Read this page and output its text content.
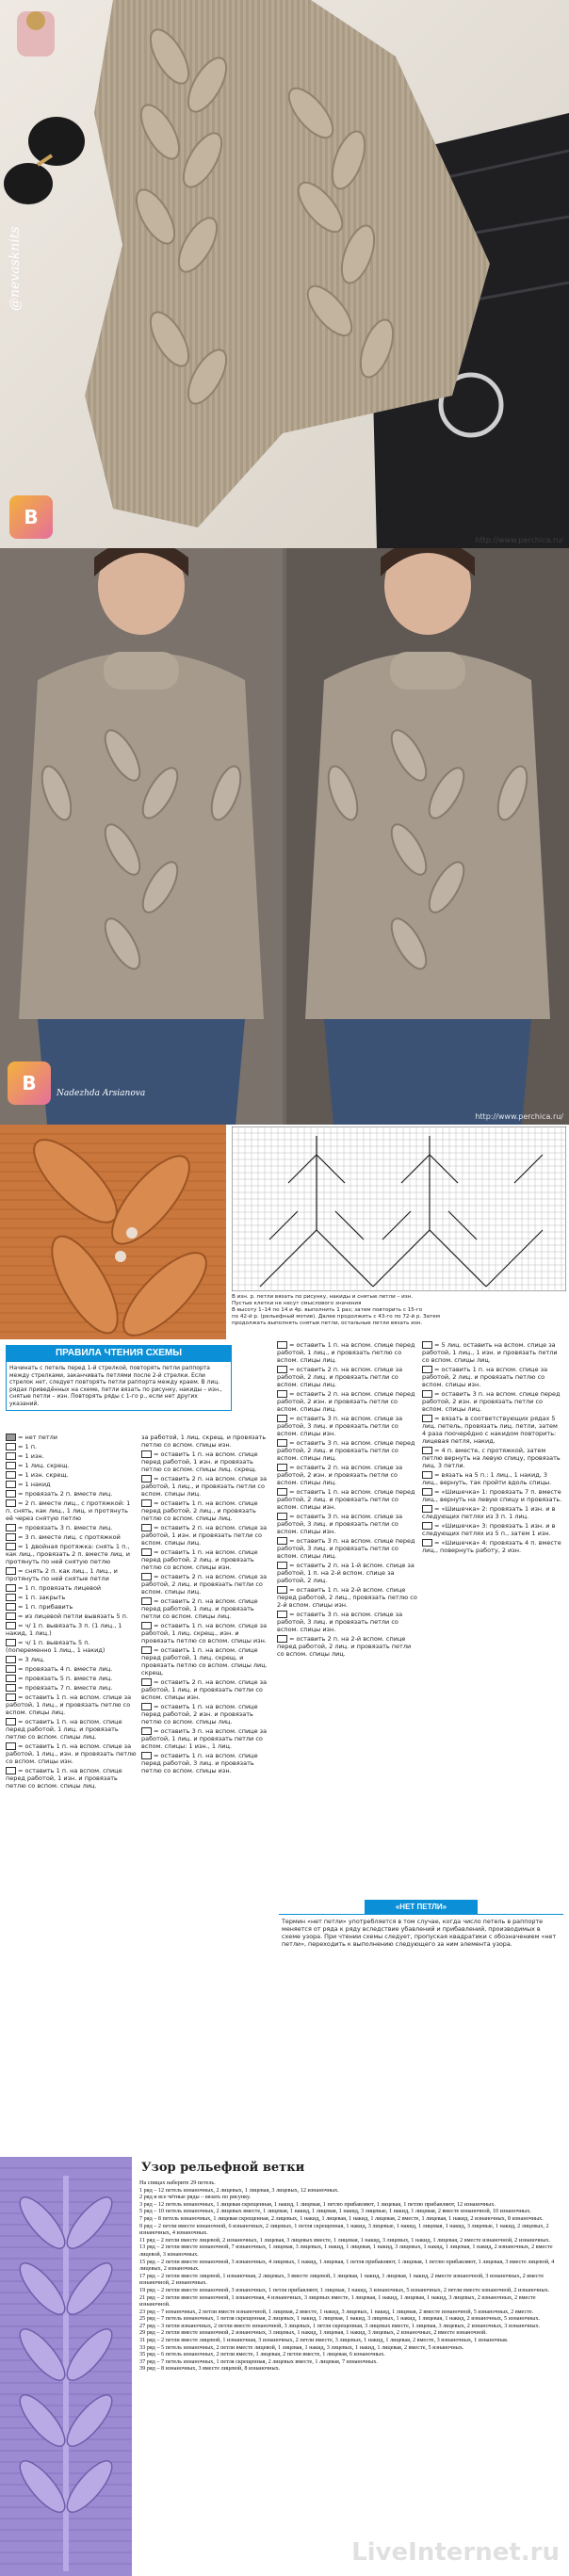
@nevasknits
B
http://www.perchica.ru/
B	Nadezhda Arsianova
http://www.perchica.ru/
В изн. р. петли вязать по рисунку, накиды и снятые петли – изн.
Пустые клетки не несут смыслового значения
В высоту 1–14 по 14 и 4р. выполнить 1 раз; затем повторить с 15-го
по 42-й р. (рельефный мотив). Далее продолжить с 43-го по 72-й р. Затем
продолжать выполнять снятые петли, остальные петли вязать изн.
ПРАВИЛА ЧТЕНИЯ СХЕМЫ
Начинать с петель перед 1-й стрелкой, повторять петли раппорта между стрелками, заканчивать петлями после 2-й стрелки. Если стрелок нет, следует повторять петли раппорта между краем. В лиц. рядах приведённых на схеме, петли вязать по рисунку, накиды – изн., снятые петли – изн. Повторять ряды с 1-го р., если нет других указаний.

= нет петли

= 1 п.

= 1 изн.

= 1 лиц. скрещ.

= 1 изн. скрещ.

= 1 накид

= провязать 2 п. вместе лиц.

= 2 п. вместе лиц., с протяжкой: 1 п. снять, как лиц., 1 лиц. и протянуть её через снятую петлю

= провязать 3 п. вместе лиц.

= 3 п. вместе лиц. с протяжкой

= 1 двойная протяжка: снять 1 п., как лиц., провязать 2 п. вместе лиц. и протянуть по ней снятую петлю

= снять 2 п. как лиц., 1 лиц., и протянуть по ней снятые петли

= 1 п. провязать лицевой

= 1 п. закрыть

= 1 п. прибавить

= из лицевой петли вывязать 5 п.

= ч/ 1 п. вывязать 3 п. (1 лиц., 1 накид, 1 лиц.)

= ч/ 1 п. вывязать 5 п. (попеременно 1 лиц., 1 накид)

= 3 лиц.

= провязать 4 п. вместе лиц.

= провязать 5 п. вместе лиц.

= провязать 7 п. вместе лиц.

= оставить 1 п. на вспом. спице за работой, 1 лиц., и провязать петлю со вспом. спицы лиц.

= оставить 1 п. на вспом. спице перед работой, 1 лиц. и провязать петлю со вспом. спицы лиц.

= оставить 1 п. на вспом. спице за работой, 1 лиц., изн. и провязать петлю со вспом. спицы изн.

= оставить 1 п. на вспом. спице перед работой, 1 изн. и провязать петлю со вспом. спицы лиц.

за работой, 1 лиц. скрещ. и провязать петлю со вспом. спицы изн.

= оставить 1 п. на вспом. спице перед работой, 1 изн. и провязать петлю со вспом. спицы лиц. скрещ.

= оставить 2 п. на вспом. спице за работой, 1 лиц., и провязать петли со вспом. спицы лиц.

= оставить 1 п. на вспом. спице перед работой, 2 лиц., и провязать петлю со вспом. спицы лиц.

= оставить 2 п. на вспом. спице за работой, 1 изн. и провязать петли со вспом. спицы лиц.

= оставить 1 п. на вспом. спице перед работой, 2 лиц. и провязать петлю со вспом. спицы изн.

= оставить 2 п. на вспом. спице за работой, 2 лиц. и провязать петли со вспом. спицы лиц.

= оставить 2 п. на вспом. спице перед работой, 1 лиц. и провязать петли со вспом. спицы лиц.

= оставить 1 п. на вспом. спице за работой, 1 лиц. скрещ., изн. и провязать петлю со вспом. спицы изн.

= оставить 1 п. на вспом. спице перед работой, 1 лиц. скрещ. и провязать петлю со вспом. спицы лиц. скрещ.

= оставить 2 п. на вспом. спице за работой, 1 лиц. и провязать петли со вспом. спицы изн.

= оставить 1 п. на вспом. спице перед работой, 2 изн. и провязать петлю со вспом. спицы лиц.

= оставить 3 п. на вспом. спице за работой, 1 лиц. и провязать петли со вспом. спицы: 1 изн., 1 лиц.

= оставить 1 п. на вспом. спице перед работой, 3 лиц. и провязать петлю со вспом. спицы изн.

= оставить 1 п. на вспом. спице перед работой, 1 лиц., и провязать петлю со вспом. спицы лиц.

= оставить 2 п. на вспом. спице за работой, 2 лиц. и провязать петли со вспом. спицы лиц.

= оставить 2 п. на вспом. спице перед работой, 2 изн. и провязать петли со вспом. спицы лиц.

= оставить 3 п. на вспом. спице за работой, 3 лиц. и провязать петли со вспом. спицы изн.

= оставить 3 п. на вспом. спице перед работой, 2 лиц. и провязать петли со вспом. спицы лиц.

= оставить 2 п. на вспом. спице за работой, 2 изн. и провязать петли со вспом. спицы лиц.

= оставить 1 п. на вспом. спице перед работой, 2 лиц. и провязать петли со вспом. спицы изн.

= оставить 3 п. на вспом. спице за работой, 3 лиц. и провязать петли со вспом. спицы изн.

= оставить 3 п. на вспом. спице перед работой, 3 лиц. и провязать петли со вспом. спицы лиц.

= оставить 2 п. на 1-й вспом. спице за работой, 1 п. на 2-й вспом. спице за работой, 2 лиц.

= оставить 1 п. на 2-й вспом. спице перед работой, 2 лиц., провязать петлю со 2-й вспом. спицы изн.

= оставить 3 п. на вспом. спице за работой, 3 лиц. и провязать петли со вспом. спицы изн.

= оставить 2 п. на 2-й вспом. спице перед работой, 2 лиц. и провязать петли со вспом. спицы лиц.

= 5 лиц. оставить на вспом. спице за работой, 1 лиц., 1 изн. и провязать петли со вспом. спицы лиц.

= оставить 1 п. на вспом. спице за работой, 2 лиц. и провязать петлю со вспом. спицы изн.

= оставить 3 п. на вспом. спице перед работой, 2 изн. и провязать петли со вспом. спицы лиц.

= вязать в соответствующих рядах 5 лиц. петель, провязать лиц. петли, затем 4 раза поочерёдно с накидом повторить: лицевая петля, накид.

= 4 п. вместе, с протяжкой, затем петлю вернуть на левую спицу, провязать лиц. 3 петли.

= вязать на 5 п.: 1 лиц., 1 накид, 3 лиц., вернуть, так пройти вдоль спицы.

= «Шишечка» 1: провязать 7 п. вместе лиц., вернуть на левую спицу и провязать.

= «Шишечка» 2: провязать 1 изн. и в следующих петлях из 3 п. 1 лиц.

= «Шишечка» 3: провязать 1 изн. и в следующих петлях из 5 п., затем 1 изн.

= «Шишечка» 4: провязать 4 п. вместе лиц., повернуть работу, 2 изн.

«НЕТ ПЕТЛИ»
Термин «нет петли» употребляется в том случае, когда число петель в раппорте меняется от ряда к ряду вследствие убавлений и прибавлений, производимых в схеме узора. При чтении схемы следует, пропуская квадратики с обозначением «нет петли», переходить к выполнению следующего за ним элемента узора.
Узор рельефной ветки

На спицах наберите 29 петель.

1 ряд – 12 петель изнаночных, 2 лицевых, 1 лицевая, 3 лицевых, 12 изнаночных.

2 ряд и все чётные ряды – вязать по рисунку.

3 ряд – 12 петель изнаночных, 1 лицевая скрещенная, 1 накид, 1 лицевая, 1 петлю прибавляют, 1 лицевая, 1 петлю прибавляют, 12 изнаночных.

5 ряд – 10 петель изнаночных, 2 лицевых вместе, 1 лицевая, 1 накид, 1 лицевая, 1 накид, 3 лицевые, 1 накид, 1 лицевая, 2 вместе изнаночной, 10 изнаночных.

7 ряд – 8 петель изнаночных, 1 лицевая скрещенная, 2 лицевых, 1 накид, 1 лицевая, 1 накид, 1 лицевая, 2 вместе, 1 лицевая, 1 накид, 2 изнаночных, 8 изнаночных.

9 ряд – 2 петли вместе изнаночной, 6 изнаночных, 2 лицевых, 1 петля скрещенная, 1 накид, 3 лицевые, 1 накид, 1 лицевая, 1 накид, 3 лицевые, 1 накид, 2 лицевых, 2 изнаночных, 4 изнаночных.

11 ряд – 2 петли вместе лицевой, 2 изнаночных, 1 лицевая, 3 лицевых вместе, 1 лицевая, 1 накид, 3 лицевых, 1 накид, 1 лицевая, 2 вместе изнаночной, 2 изнаночных.

13 ряд – 2 петли вместе изнаночной, 7 изнаночных, 1 лицевая, 3 лицевых, 1 накид, 1 лицевая, 1 накид, 3 лицевых, 1 накид, 1 лицевая, 1 накид, 2 изнаночных, 2 вместе лицевой, 3 изнаночных.

15 ряд – 2 петли вместе изнаночной, 3 изнаночных, 4 лицевых, 1 накид, 1 лицевая, 1 петля прибавляют, 1 лицевая, 1 петлю прибавляют, 1 лицевая, 3 вместе лицевой, 4 лицевых, 2 изнаночных.

17 ряд – 2 петли вместе лицевой, 1 изнаночная, 2 лицевых, 3 вместе лицевой, 1 лицевая, 1 накид, 1 лицевая, 1 накид, 2 вместе изнаночной, 3 изнаночных, 2 вместе изнаночной, 2 изнаночных.

19 ряд – 2 петли вместе изнаночной, 3 изнаночных, 1 петля прибавляют, 1 лицевая, 1 накид, 3 изнаночных, 5 изнаночных, 2 петли вместе изнаночной, 2 изнаночных.

21 ряд – 2 петли вместе изнаночной, 1 изнаночная, 4 изнаночных, 3 лицевых вместе, 1 лицевая, 1 накид, 1 лицевая, 1 накид, 3 лицевых, 2 изнаночных, 2 вместе изнаночной.

23 ряд – 7 изнаночных, 2 петли вместе изнаночной, 1 лицевая, 2 вместе, 1 накид, 3 лицевых, 1 накид, 1 лицевая, 2 вместе изнаночной, 5 изнаночных, 2 вместе.

25 ряд – 7 петель изнаночных, 1 петля скрещенная, 2 лицевых, 1 накид, 1 лицевая, 1 накид, 3 лицевых, 1 накид, 1 лицевая, 1 накид, 2 изнаночных, 5 изнаночных.

27 ряд – 3 петли изнаночных, 2 петли вместе изнаночной, 3 лицевых, 1 петля скрещенная, 3 лицевых вместе, 1 лицевая, 3 лицевых, 2 изнаночных, 3 изнаночных.

29 ряд – 2 петли вместе изнаночной, 2 изнаночных, 3 лицевых, 1 накид, 1 лицевая, 1 накид, 3 лицевых, 2 изнаночных, 2 вместе изнаночной.

31 ряд – 2 петли вместе лицевой, 1 изнаночная, 3 изнаночных, 2 петли вместе, 3 лицевых, 1 накид, 1 лицевая, 2 вместе, 3 изнаночных, 1 изнаночная.

33 ряд – 5 петель изнаночных, 2 петли вместе лицевой, 1 лицевая, 1 накид, 3 лицевых, 1 накид, 1 лицевая, 2 вместе, 5 изнаночных.

35 ряд – 6 петель изнаночных, 2 петли вместе, 1 лицевая, 2 петли вместе, 1 лицевая, 6 изнаночных.

37 ряд – 7 петель изнаночных, 1 петля скрещенная, 2 лицевых вместе, 1 лицевая, 7 изнаночных.

39 ряд – 8 изнаночных, 3 вместе лицевой, 8 изнаночных.

LiveInternet.ru
